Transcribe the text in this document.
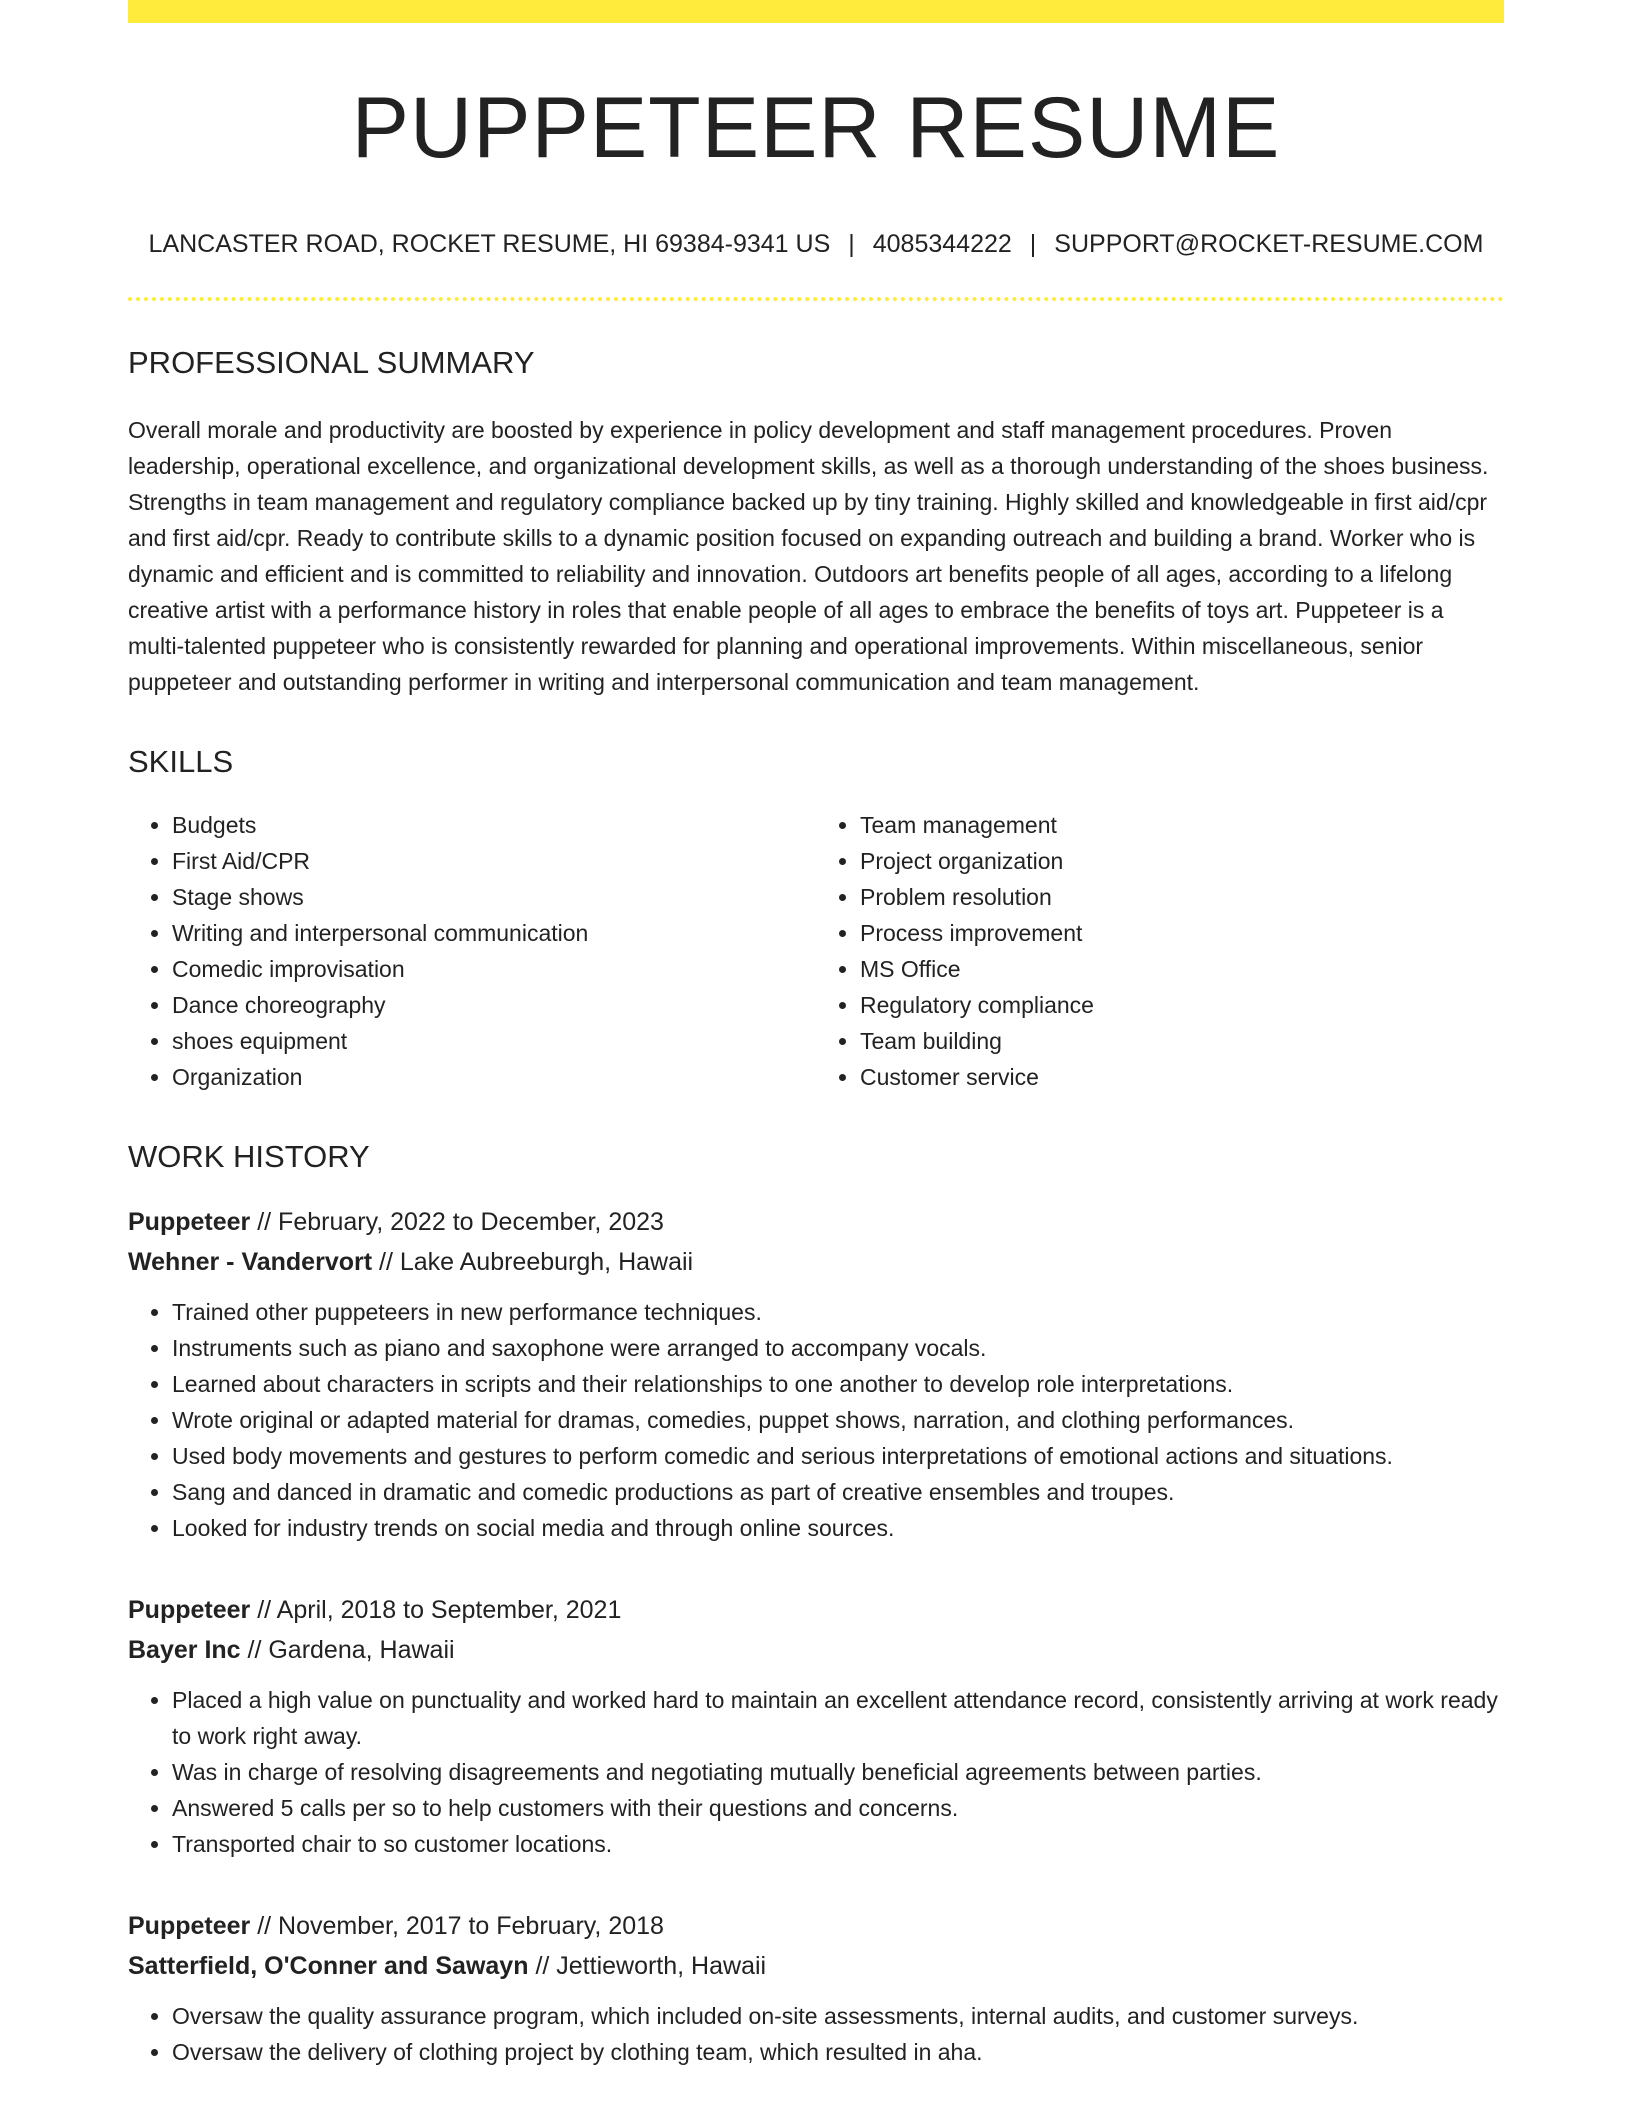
PUPPETEER RESUME
LANCASTER ROAD, ROCKET RESUME, HI 69384-9341 US | 4085344222 | SUPPORT@ROCKET-RESUME.COM
PROFESSIONAL SUMMARY
Overall morale and productivity are boosted by experience in policy development and staff management procedures. Proven leadership, operational excellence, and organizational development skills, as well as a thorough understanding of the shoes business. Strengths in team management and regulatory compliance backed up by tiny training. Highly skilled and knowledgeable in first aid/cpr and first aid/cpr. Ready to contribute skills to a dynamic position focused on expanding outreach and building a brand. Worker who is dynamic and efficient and is committed to reliability and innovation. Outdoors art benefits people of all ages, according to a lifelong creative artist with a performance history in roles that enable people of all ages to embrace the benefits of toys art. Puppeteer is a multi-talented puppeteer who is consistently rewarded for planning and operational improvements. Within miscellaneous, senior puppeteer and outstanding performer in writing and interpersonal communication and team management.
SKILLS
• Budgets
• First Aid/CPR
• Stage shows
• Writing and interpersonal communication
• Comedic improvisation
• Dance choreography
• shoes equipment
• Organization
• Team management
• Project organization
• Problem resolution
• Process improvement
• MS Office
• Regulatory compliance
• Team building
• Customer service
WORK HISTORY
Puppeteer // February, 2022 to December, 2023
Wehner - Vandervort // Lake Aubreeburgh, Hawaii
• Trained other puppeteers in new performance techniques.
• Instruments such as piano and saxophone were arranged to accompany vocals.
• Learned about characters in scripts and their relationships to one another to develop role interpretations.
• Wrote original or adapted material for dramas, comedies, puppet shows, narration, and clothing performances.
• Used body movements and gestures to perform comedic and serious interpretations of emotional actions and situations.
• Sang and danced in dramatic and comedic productions as part of creative ensembles and troupes.
• Looked for industry trends on social media and through online sources.
Puppeteer // April, 2018 to September, 2021
Bayer Inc // Gardena, Hawaii
• Placed a high value on punctuality and worked hard to maintain an excellent attendance record, consistently arriving at work ready to work right away.
• Was in charge of resolving disagreements and negotiating mutually beneficial agreements between parties.
• Answered 5 calls per so to help customers with their questions and concerns.
• Transported chair to so customer locations.
Puppeteer // November, 2017 to February, 2018
Satterfield, O'Conner and Sawayn // Jettieworth, Hawaii
• Oversaw the quality assurance program, which included on-site assessments, internal audits, and customer surveys.
• Oversaw the delivery of clothing project by clothing team, which resulted in aha.
